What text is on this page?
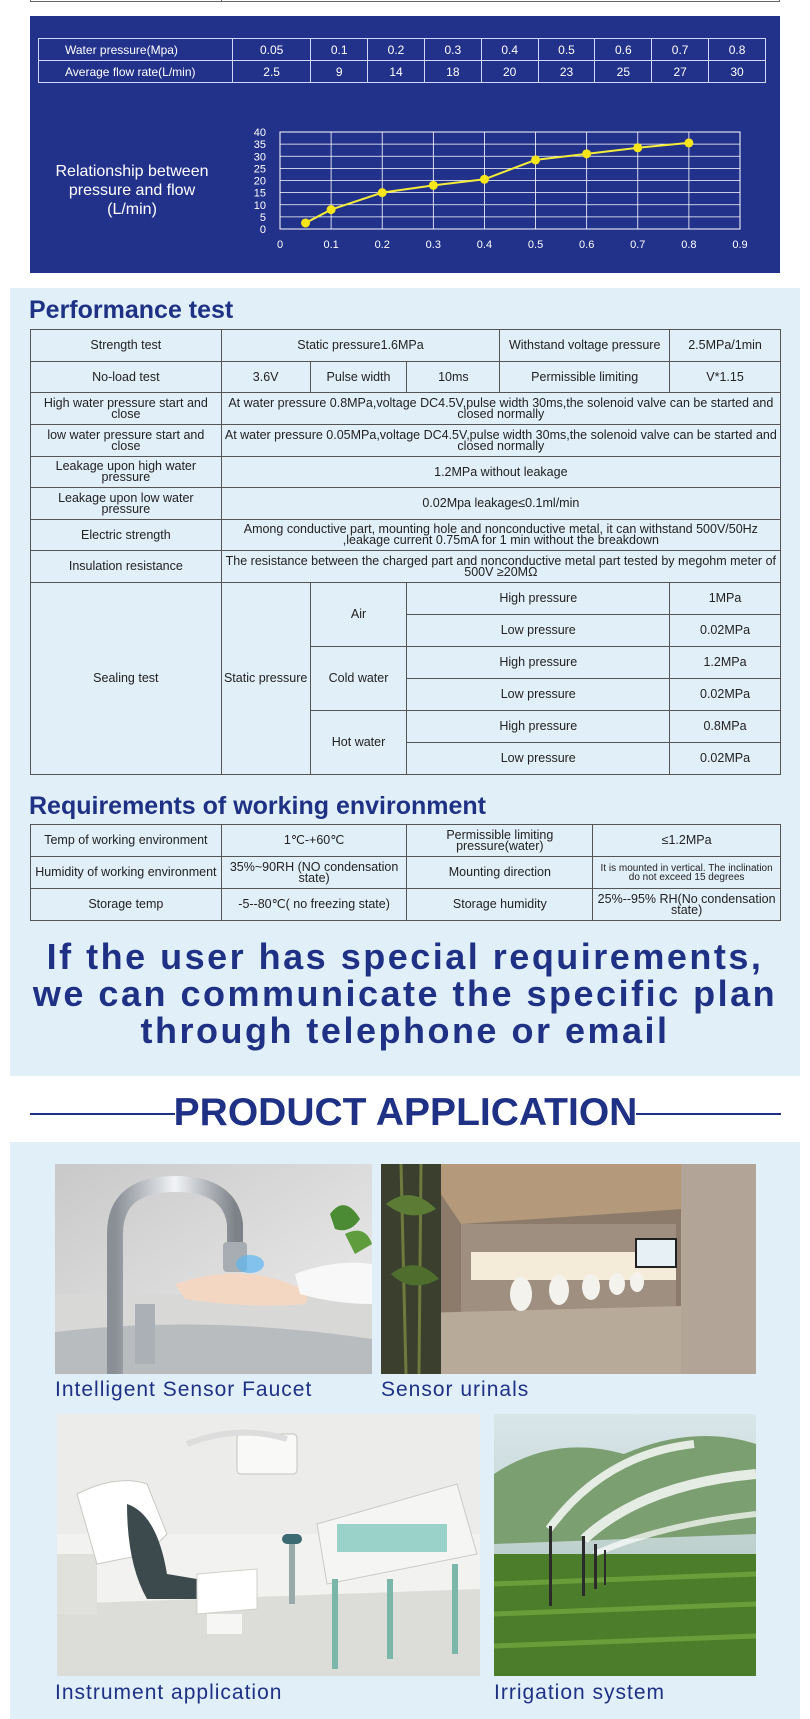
Water pressure(Mpa)	0.05	0.1	0.2	0.3	0.4	0.5	0.6	0.7	0.8
Average flow rate(L/min)	2.5	9	14	18	20	23	25	27	30
Relationship between pressure and flow (L/min)
0
5
10
15
20
25
30
35
40
0	0.1	0.2	0.3	0.4	0.5	0.6	0.7	0.8	0.9
Performance test
Strength test	Static pressure1.6MPa			Withstand voltage pressure	2.5MPa/1min
No-load test	3.6V	Pulse width	10ms	Permissible limiting	V*1.15
High water pressure start and close	At water pressure 0.8MPa,voltage DC4.5V,pulse width 30ms,the solenoid valve can be started and closed normally				
low water pressure start and close	At water pressure 0.05MPa,voltage DC4.5V,pulse width 30ms,the solenoid valve can be started and closed normally				
Leakage upon high water pressure	1.2MPa without leakage				
Leakage upon low water pressure	0.02Mpa leakage≤0.1ml/min				
Electric strength	Among conductive part, mounting hole and nonconductive metal, it can withstand 500V/50Hz ,leakage current 0.75mA for 1 min without the breakdown				
Insulation resistance	The resistance between the charged part and nonconductive metal part tested by megohm meter of 500V ≥20MΩ				
Sealing test	Static pressure	Air	High pressure		1MPa
			Low pressure		0.02MPa
		Cold water	High pressure		1.2MPa
			Low pressure		0.02MPa
		Hot water	High pressure		0.8MPa
			Low pressure		0.02MPa
Requirements of working environment
Temp of working environment	1℃-+60℃	Permissible limiting pressure(water)	≤1.2MPa
Humidity of working environment	35%~90RH (NO condensation state)	Mounting direction	It is mounted in vertical. The inclination do not exceed 15 degrees
Storage temp	-5--80℃( no freezing state)	Storage humidity	25%--95% RH(No condensation state)
If the user has special requirements,
we can communicate the specific plan
through telephone or email
PRODUCT APPLICATION
Intelligent Sensor Faucet	Sensor urinals
Instrument application	Irrigation system
